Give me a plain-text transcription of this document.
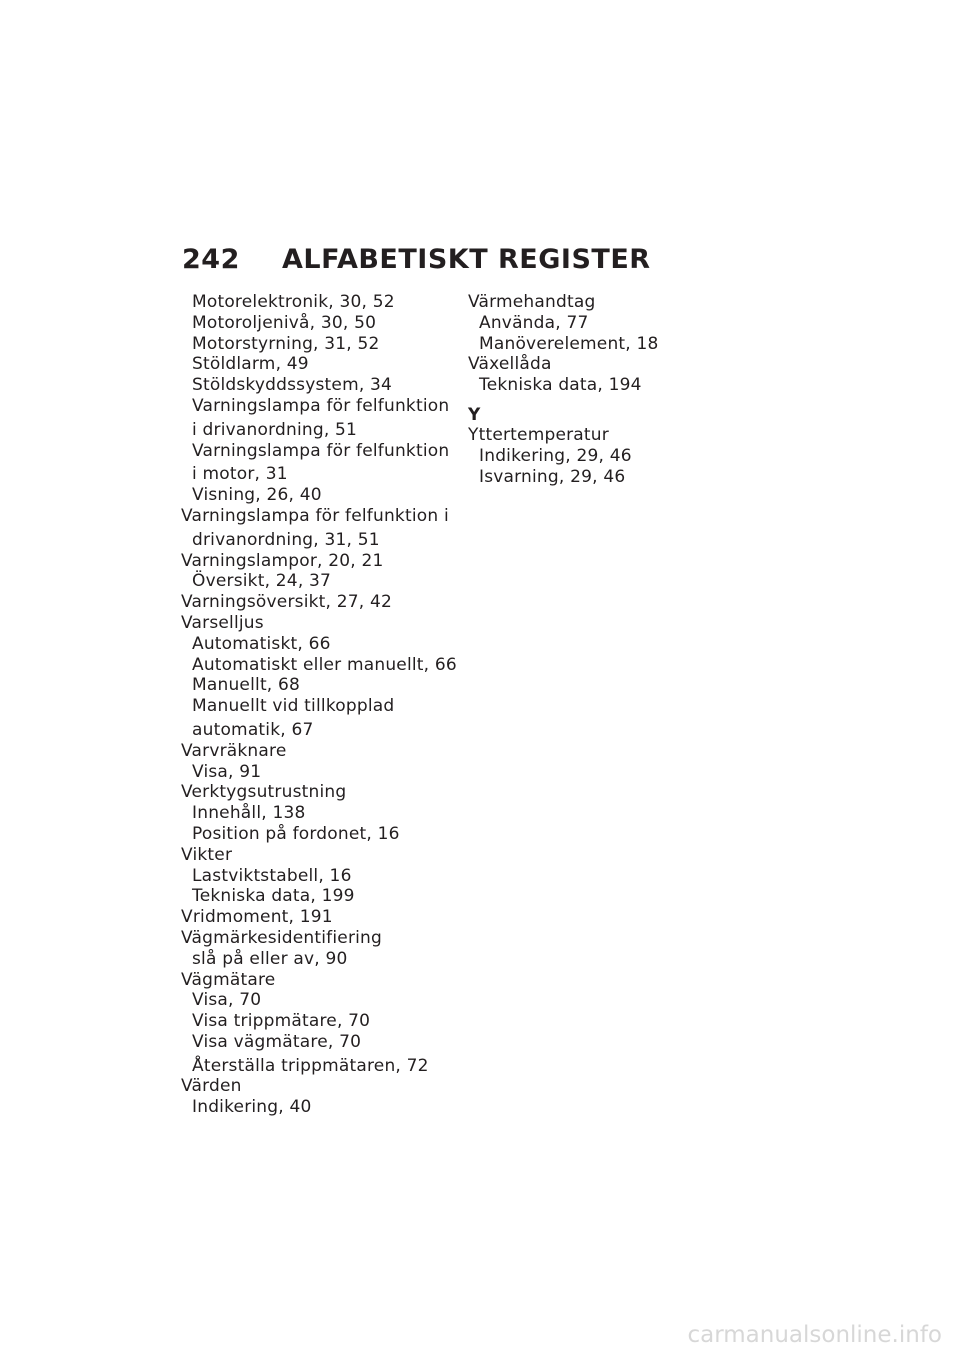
242 ALFABETISKT REGISTER
Motorelektronik, 30, 52
Motoroljenivå, 30, 50
Motorstyrning, 31, 52
Stöldlarm, 49
Stöldskyddssystem, 34
Varningslampa för felfunktion
i drivanordning, 51
Varningslampa för felfunktion
i motor, 31
Visning, 26, 40
Varningslampa för felfunktion i
drivanordning, 31, 51
Varningslampor, 20, 21
Översikt, 24, 37
Varningsöversikt, 27, 42
Varselljus
Automatiskt, 66
Automatiskt eller manuellt, 66
Manuellt, 68
Manuellt vid tillkopplad
automatik, 67
Varvräknare
Visa, 91
Verktygsutrustning
Innehåll, 138
Position på fordonet, 16
Vikter
Lastviktstabell, 16
Tekniska data, 199
Vridmoment, 191
Vägmärkesidentifiering
slå på eller av, 90
Vägmätare
Visa, 70
Visa trippmätare, 70
Visa vägmätare, 70
Återställa trippmätaren, 72
Värden
Indikering, 40
Värmehandtag
Använda, 77
Manöverelement, 18
Växellåda
Tekniska data, 194
Y
Yttertemperatur
Indikering, 29, 46
Isvarning, 29, 46
carmanualsonline.info
